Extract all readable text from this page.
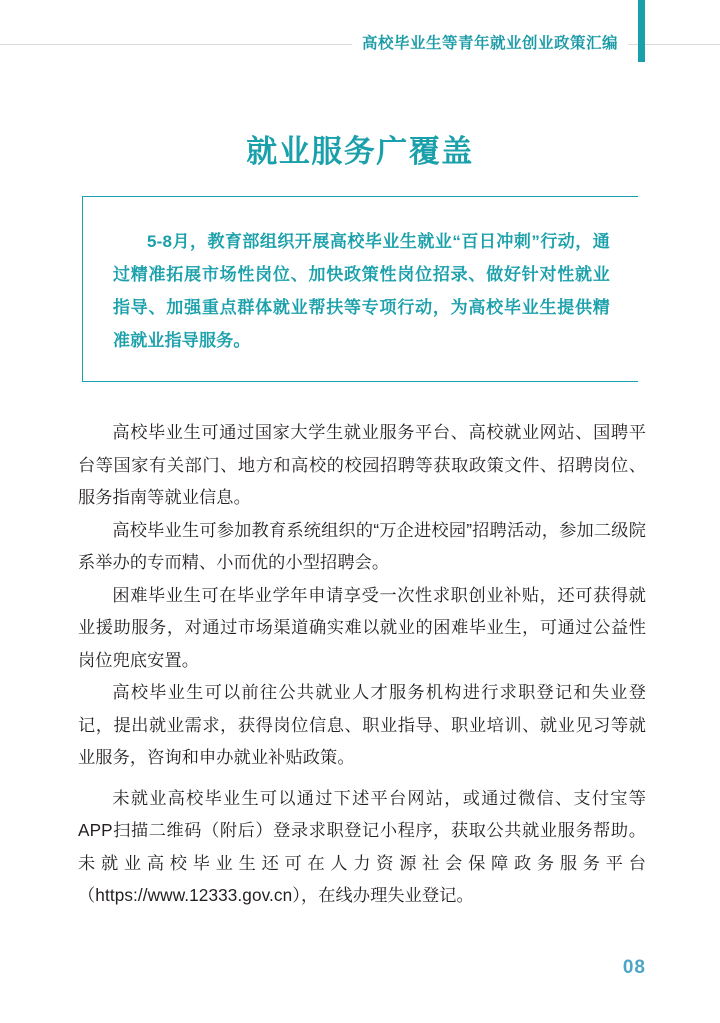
高校毕业生等青年就业创业政策汇编
就业服务广覆盖
5-8月，教育部组织开展高校毕业生就业“百日冲刺”行动，通过精准拓展市场性岗位、加快政策性岗位招录、做好针对性就业指导、加强重点群体就业帮扶等专项行动，为高校毕业生提供精准就业指导服务。

高校毕业生可通过国家大学生就业服务平台、高校就业网站、国聘平台等国家有关部门、地方和高校的校园招聘等获取政策文件、招聘岗位、服务指南等就业信息。

高校毕业生可参加教育系统组织的“万企进校园”招聘活动，参加二级院系举办的专而精、小而优的小型招聘会。

困难毕业生可在毕业学年申请享受一次性求职创业补贴，还可获得就业援助服务，对通过市场渠道确实难以就业的困难毕业生，可通过公益性岗位兜底安置。

高校毕业生可以前往公共就业人才服务机构进行求职登记和失业登记，提出就业需求，获得岗位信息、职业指导、职业培训、就业见习等就业服务，咨询和申办就业补贴政策。

未就业高校毕业生可以通过下述平台网站，或通过微信、支付宝等APP扫描二维码（附后）登录求职登记小程序，获取公共就业服务帮助。未就业高校毕业生还可在人力资源社会保障政务服务平台（https://www.12333.gov.cn），在线办理失业登记。

08
